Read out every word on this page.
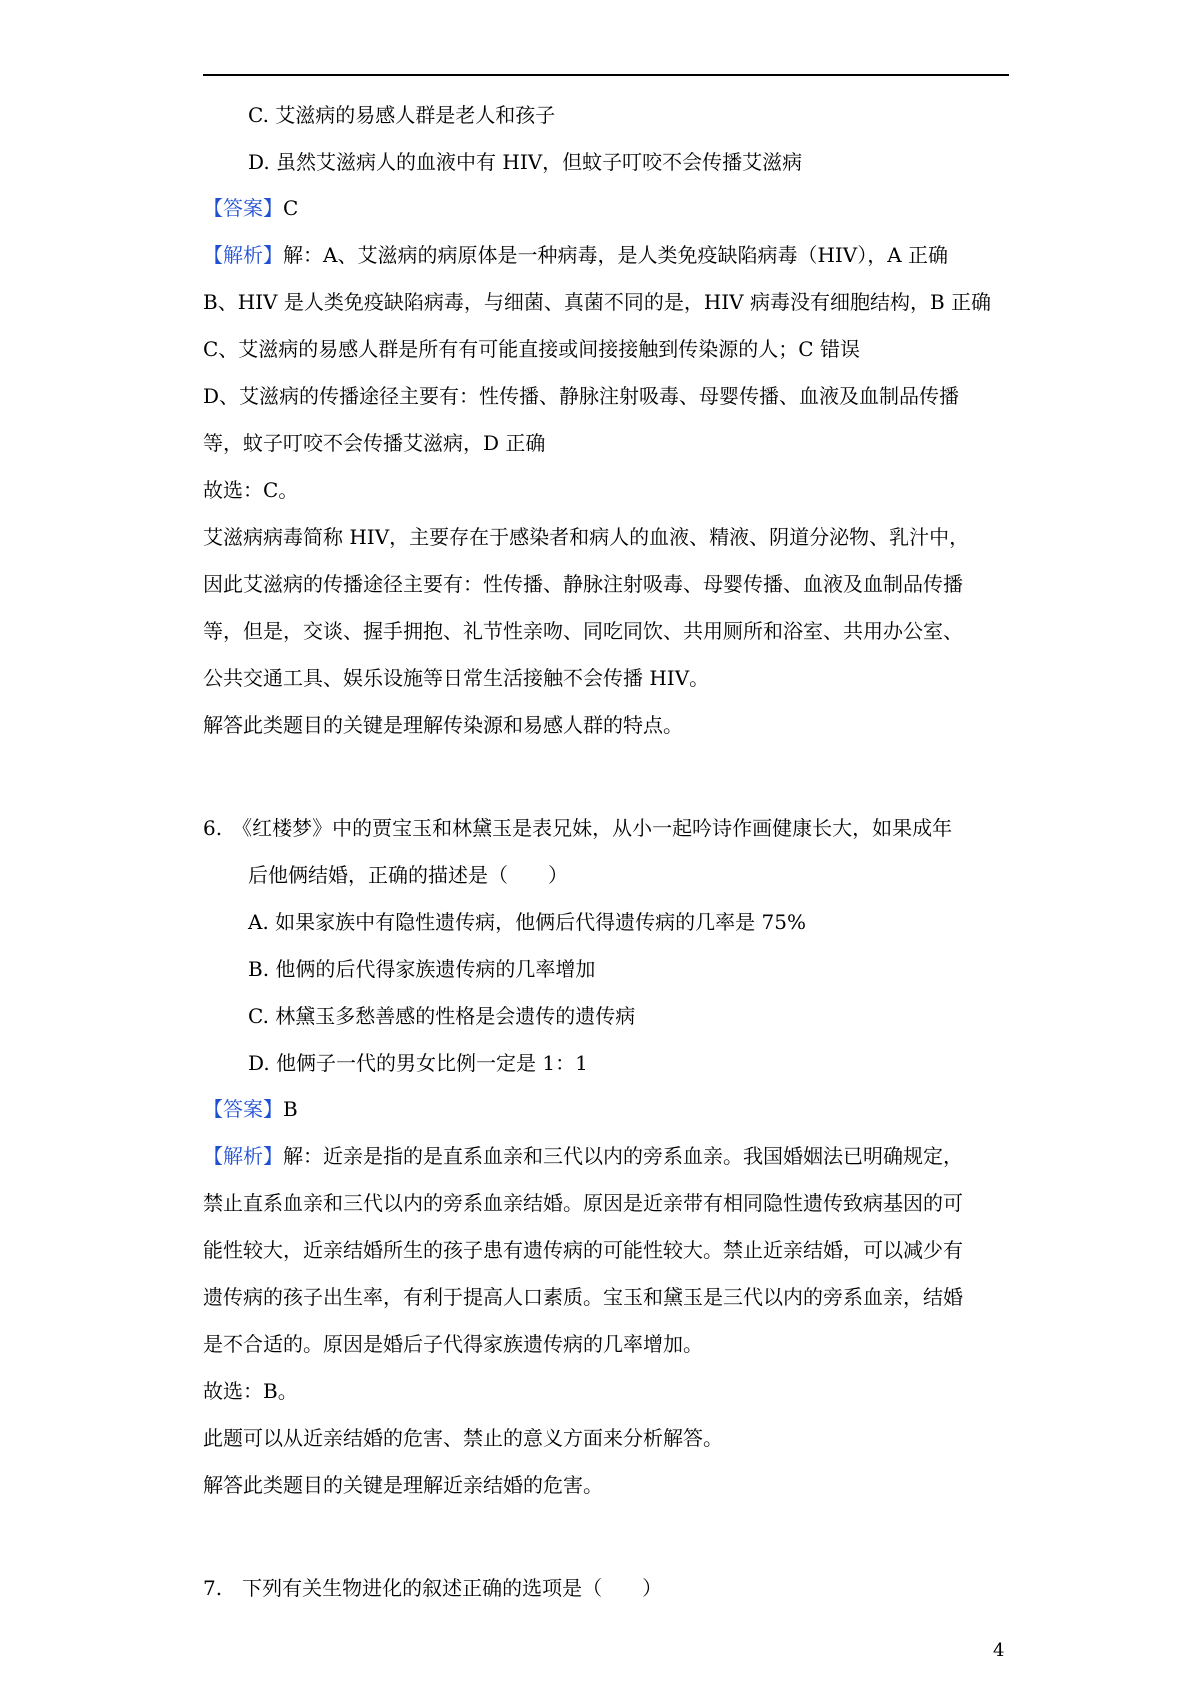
C. 艾滋病的易感人群是老人和孩子
D. 虽然艾滋病人的血液中有 HIV，但蚊子叮咬不会传播艾滋病
【答案】C
【解析】解：A、艾滋病的病原体是一种病毒，是人类免疫缺陷病毒（HIV），A 正确
B、HIV 是人类免疫缺陷病毒，与细菌、真菌不同的是，HIV 病毒没有细胞结构，B 正确
C、艾滋病的易感人群是所有有可能直接或间接接触到传染源的人；C 错误
D、艾滋病的传播途径主要有：性传播、静脉注射吸毒、母婴传播、血液及血制品传播
等，蚊子叮咬不会传播艾滋病，D 正确
故选：C。
艾滋病病毒简称 HIV，主要存在于感染者和病人的血液、精液、阴道分泌物、乳汁中，
因此艾滋病的传播途径主要有：性传播、静脉注射吸毒、母婴传播、血液及血制品传播
等，但是，交谈、握手拥抱、礼节性亲吻、同吃同饮、共用厕所和浴室、共用办公室、
公共交通工具、娱乐设施等日常生活接触不会传播 HIV。
解答此类题目的关键是理解传染源和易感人群的特点。
6.　《红楼梦》中的贾宝玉和林黛玉是表兄妹，从小一起吟诗作画健康长大，如果成年
后他俩结婚，正确的描述是（　　）
A. 如果家族中有隐性遗传病，他俩后代得遗传病的几率是 75%
B. 他俩的后代得家族遗传病的几率增加
C. 林黛玉多愁善感的性格是会遗传的遗传病
D. 他俩子一代的男女比例一定是 1：1
【答案】B
【解析】解：近亲是指的是直系血亲和三代以内的旁系血亲。我国婚姻法已明确规定，
禁止直系血亲和三代以内的旁系血亲结婚。原因是近亲带有相同隐性遗传致病基因的可
能性较大，近亲结婚所生的孩子患有遗传病的可能性较大。禁止近亲结婚，可以减少有
遗传病的孩子出生率，有利于提高人口素质。宝玉和黛玉是三代以内的旁系血亲，结婚
是不合适的。原因是婚后子代得家族遗传病的几率增加。
故选：B。
此题可以从近亲结婚的危害、禁止的意义方面来分析解答。
解答此类题目的关键是理解近亲结婚的危害。
7.　下列有关生物进化的叙述正确的选项是（　　）
4
